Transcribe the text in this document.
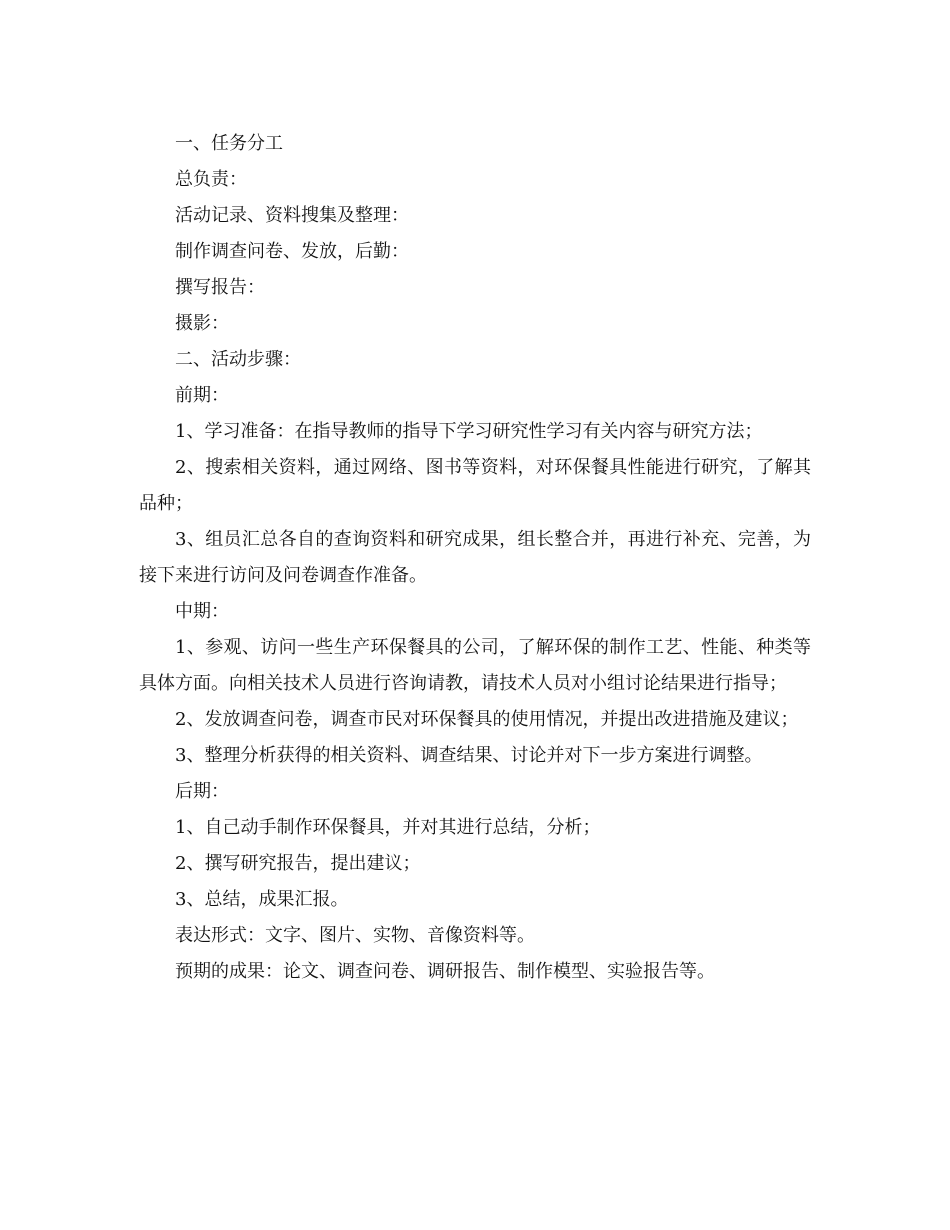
一、任务分工

总负责：

活动记录、资料搜集及整理：

制作调查问卷、发放，后勤：

撰写报告：

摄影：

二、活动步骤：

前期：

1、学习准备：在指导教师的指导下学习研究性学习有关内容与研究方法；

2、搜索相关资料，通过网络、图书等资料，对环保餐具性能进行研究，了解其品种；

3、组员汇总各自的查询资料和研究成果，组长整合并，再进行补充、完善，为接下来进行访问及问卷调查作准备。

中期：

1、参观、访问一些生产环保餐具的公司，了解环保的制作工艺、性能、种类等具体方面。向相关技术人员进行咨询请教，请技术人员对小组讨论结果进行指导；

2、发放调查问卷，调查市民对环保餐具的使用情况，并提出改进措施及建议；

3、整理分析获得的相关资料、调查结果、讨论并对下一步方案进行调整。

后期：

1、自己动手制作环保餐具，并对其进行总结，分析；

2、撰写研究报告，提出建议；

3、总结，成果汇报。

表达形式：文字、图片、实物、音像资料等。

预期的成果：论文、调查问卷、调研报告、制作模型、实验报告等。
